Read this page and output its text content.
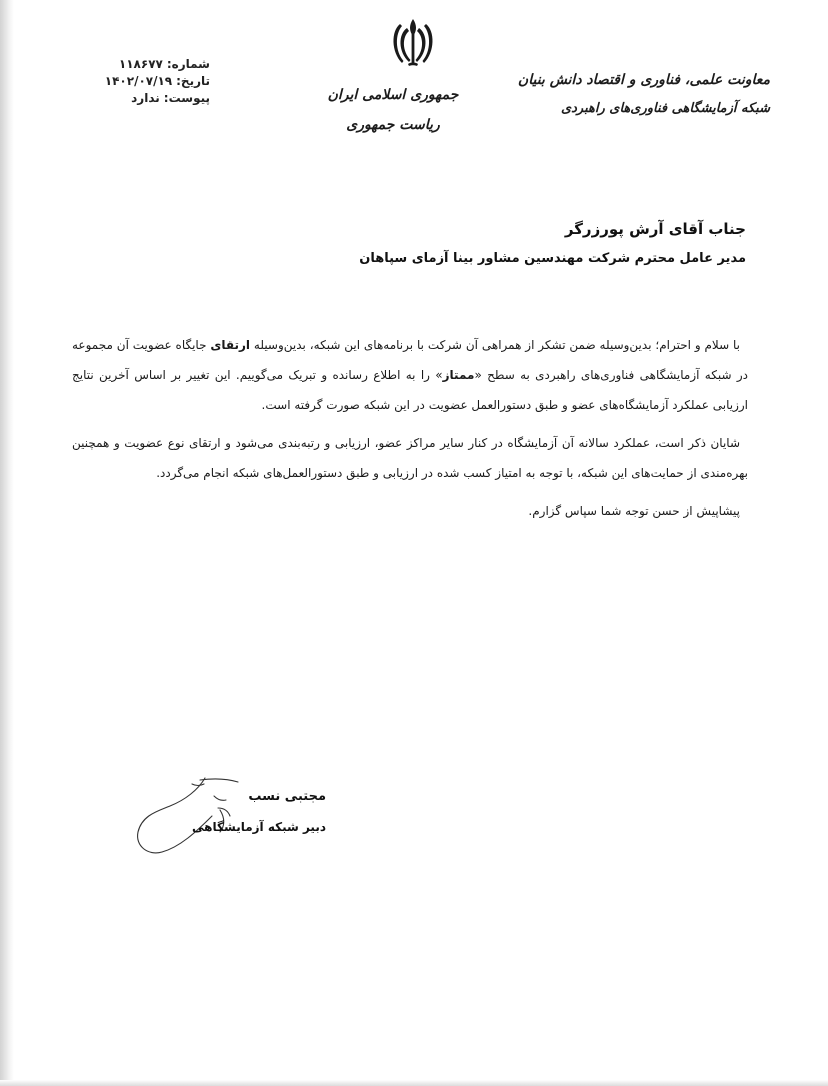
شماره:۱۱۸۶۷۷
تاریخ:۱۴۰۲/۰۷/۱۹
پیوست:ندارد	جمهوری اسلامی ایران
ریاست جمهوری
معاونت علمی، فناوری و اقتصاد دانش بنیان
شبکه آزمایشگاهی فناوری‌های راهبردی
جناب آقای آرش پورزرگر
مدیر عامل محترم شرکت مهندسین مشاور بینا آزمای سپاهان

با سلام و احترام؛ بدین‌وسیله ضمن تشکر از همراهی آن شرکت با برنامه‌های این شبکه، بدین‌وسیله ارتقای جایگاه عضویت آن مجموعه در شبکه آزمایشگاهی فناوری‌های راهبردی به سطح «ممتاز» را به اطلاع رسانده و تبریک می‌گوییم. این تغییر بر اساس آخرین نتایج ارزیابی عملکرد آزمایشگاه‌های عضو و طبق دستورالعمل عضویت در این شبکه صورت گرفته است.

شایان ذکر است، عملکرد سالانه آن آزمایشگاه در کنار سایر مراکز عضو، ارزیابی و رتبه‌بندی می‌شود و ارتقای نوع عضویت و همچنین بهره‌مندی از حمایت‌های این شبکه، با توجه به امتیاز کسب شده در ارزیابی و طبق دستورالعمل‌های شبکه انجام می‌گردد.

پیشاپیش از حسن توجه شما سپاس گزارم.

مجتبی نسب
دبیر شبکه آزمایشگاهی
